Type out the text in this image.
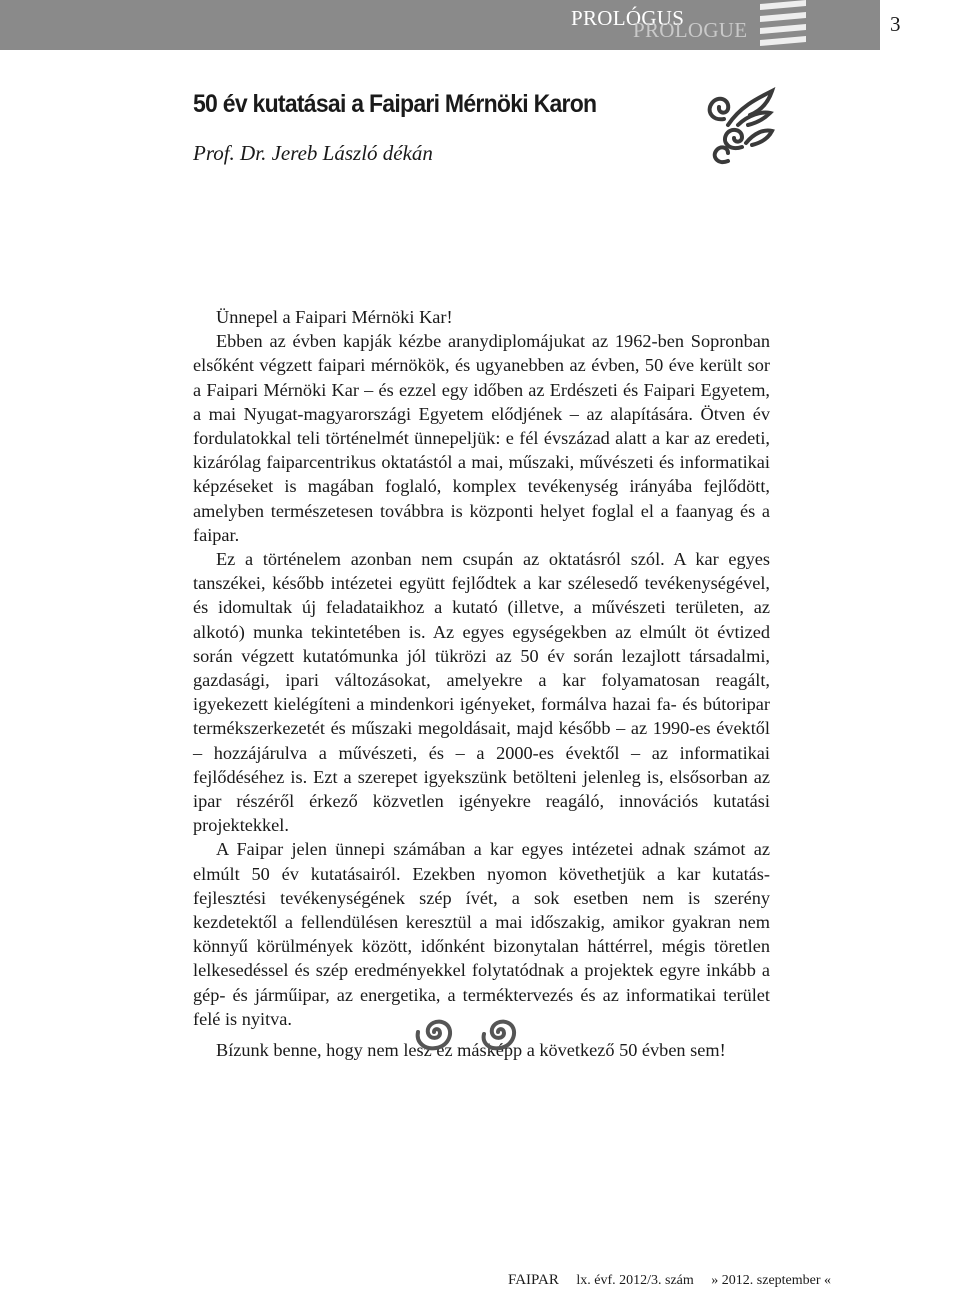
PROLÓGUS
PROLOGUE	3
50 év kutatásai a Faipari Mérnöki Karon
Prof. Dr. Jereb László dékán

Ünnepel a Faipari Mérnöki Kar!

Ebben az évben kapják kézbe aranydiplomájukat az 1962-ben Sopronban elsőként végzett faipari mérnökök, és ugyanebben az évben, 50 éve került sor a Faipari Mérnöki Kar – és ezzel egy időben az Erdészeti és Faipari Egyetem, a mai Nyugat-magyarországi Egyetem elődjének – az alapítására. Ötven év fordulatokkal teli történelmét ünnepeljük: e fél évszázad alatt a kar az eredeti, kizárólag faiparcentrikus oktatástól a mai, műszaki, művészeti és informatikai képzéseket is magában foglaló, komplex tevékenység irányába fejlődött, amelyben természetesen továbbra is központi helyet foglal el a faanyag és a faipar.

Ez a történelem azonban nem csupán az oktatásról szól. A kar egyes tanszékei, később intézetei együtt fejlődtek a kar szélesedő tevékenységével, és idomultak új feladataikhoz a kutató (illetve, a művészeti területen, az alkotó) munka tekintetében is. Az egyes egységekben az elmúlt öt évtized során végzett kutatómunka jól tükrözi az 50 év során lezajlott társadalmi, gazdasági, ipari változásokat, amelyekre a kar folyamatosan reagált, igyekezett kielégíteni a mindenkori igényeket, formálva hazai fa- és bútoripar termékszerkezetét és műszaki megoldásait, majd később – az 1990-es évektől – hozzájárulva a művészeti, és – a 2000-es évektől – az informatikai fejlődéséhez is. Ezt a szerepet igyekszünk betölteni jelenleg is, elsősorban az ipar részéről érkező közvetlen igényekre reagáló, innovációs kutatási projektekkel.

A Faipar jelen ünnepi számában a kar egyes intézetei adnak számot az elmúlt 50 év kutatásairól. Ezekben nyomon követhetjük a kar kutatás-fejlesztési tevékenységének szép ívét, a sok esetben nem is szerény kezdetektől a fellendülésen keresztül a mai időszakig, amikor gyakran nem könnyű körülmények között, időnként bizonytalan háttérrel, mégis töretlen lelkesedéssel és szép eredményekkel folytatódnak a projektek egyre inkább a gép- és járműipar, az energetika, a terméktervezés és az informatikai terület felé is nyitva.

Bízunk benne, hogy nem lesz ez másképp a következő 50 évben sem!

FAIPAR lx. évf. 2012/3. szám » 2012. szeptember «
